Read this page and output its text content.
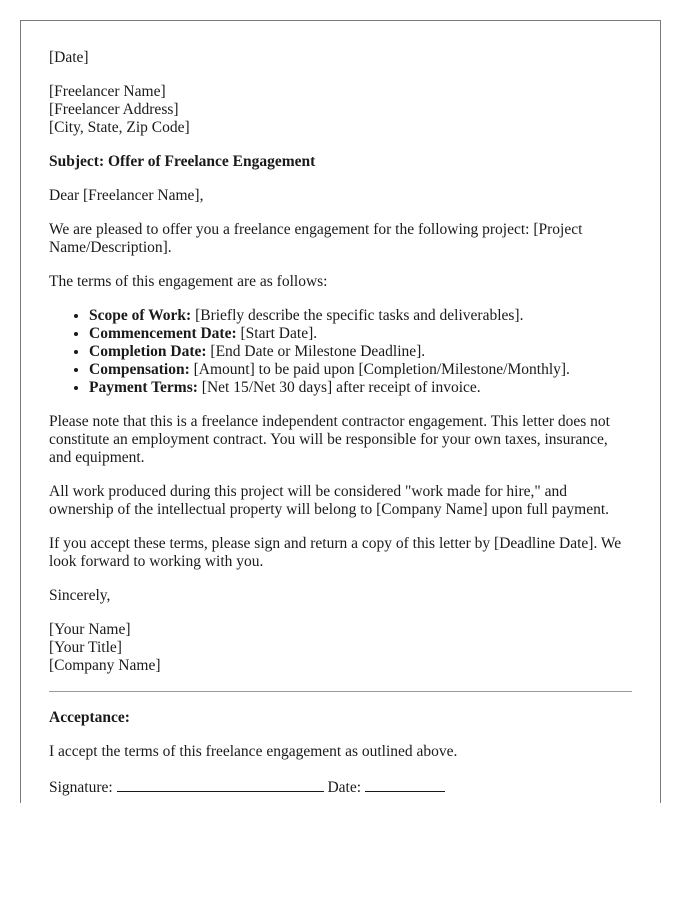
[Date]

[Freelancer Name]

[Freelancer Address]

[City, State, Zip Code]

Subject: Offer of Freelance Engagement

Dear [Freelancer Name],

We are pleased to offer you a freelance engagement for the following project: [Project Name/Description].

The terms of this engagement are as follows:

• Scope of Work: [Briefly describe the specific tasks and deliverables].
• Commencement Date: [Start Date].
• Completion Date: [End Date or Milestone Deadline].
• Compensation: [Amount] to be paid upon [Completion/Milestone/Monthly].
• Payment Terms: [Net 15/Net 30 days] after receipt of invoice.

Please note that this is a freelance independent contractor engagement. This letter does not constitute an employment contract. You will be responsible for your own taxes, insurance, and equipment.

All work produced during this project will be considered "work made for hire," and ownership of the intellectual property will belong to [Company Name] upon full payment.

If you accept these terms, please sign and return a copy of this letter by [Deadline Date]. We look forward to working with you.

Sincerely,

[Your Name]

[Your Title]

[Company Name]

Acceptance:

I accept the terms of this freelance engagement as outlined above.

Signature:	Date:
